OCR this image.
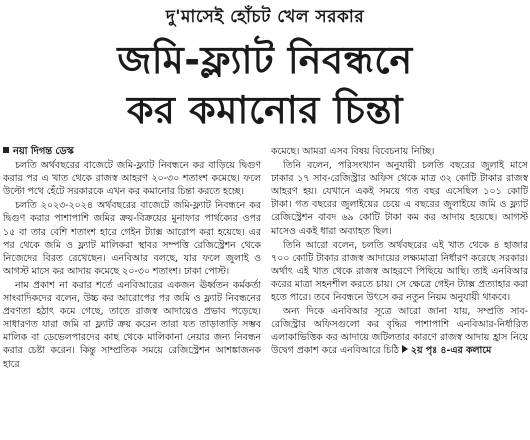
দু'মাসেই হোঁচট খেল সরকার
জমি-ফ্ল্যাট নিবন্ধনে
কর কমানোর চিন্তা

নয়া দিগন্ত ডেস্ক

চলতি অর্থবছরের বাজেটে জমি-ফ্ল্যাট নিবন্ধনে কর বাড়িয়ে দ্বিগুণ করার পর এ খাত থেকে রাজস্ব আহরণ ২০-৩০ শতাংশ কমেছে। ফলে উল্টো পথে হেঁটে সরকারকে এখন কর কমানোর চিন্তা করতে হচ্ছে।

চলতি ২০২৩-২০২৪ অর্থবছরের বাজেটে জমি-ফ্ল্যাট নিবন্ধনে কর দ্বিগুণ করার পাশাপাশি জমির ক্রয়-বিক্রয়ের মুনাফার পার্থক্যের ওপর ১৫ বা তার বেশি শতাংশ হারে গেইন ট্যাক্স আরোপ করা হয়েছে। এর পর থেকে জমি ও ফ্ল্যাট মালিকরা স্থাবর সম্পত্তি রেজিস্ট্রেশন থেকে নিজেদের বিরত রেখেছেন। এনবিআর বলছে, যার ফলে জুলাই ও আগস্ট মাসে কর আদায় কমেছে ২০-৩০ শতাংশ। ঢাকা পোস্ট।

নাম প্রকাশ না করার শর্তে এনবিআরের একজন ঊর্ধ্বতন কর্মকর্তা সাংবাদিকদের বলেন, উচ্চ কর আরোপের পর জমি ও ফ্ল্যাট নিবন্ধনের প্রবণতা হঠাৎ কমে গেছে, তাতে রাজস্ব আদায়েও প্রভাব পড়েছে। সাধারণত যারা জমি বা ফ্ল্যাট ক্রয় করেন তারা যত তাড়াতাড়ি সম্ভব মালিক বা ডেভেলপারদের কাছ থেকে মালিকানা নেয়ার জন্য নিবন্ধন করার চেষ্টা করেন। কিন্তু সাম্প্রতিক সময়ে রেজিস্ট্রেশন আশঙ্কাজনক হারে

কমেছে। আমরা এসব বিষয় বিবেচনায় নিচ্ছি।

তিনি বলেন, পরিসংখ্যান অনুযায়ী চলতি বছরের জুলাই মাসে ঢাকার ১৭ সাব-রেজিস্ট্রার অফিস থেকে মাত্র ৩২ কোটি টাকার রাজস্ব আহরণ হয়। যেখানে একই সময়ে গত বছর এসেছিল ১০১ কোটি টাকা। গত বছরের জুলাইয়ের চেয়ে এ বছরের জুলাইয়ে জমি ও ফ্ল্যাট রেজিস্ট্রেশন বাবদ ৬৯ কোটি টাকা কম কর আদায় হয়েছে। আগস্ট মাসেও একই ধারা অব্যাহত ছিল।

তিনি আরো বলেন, চলতি অর্থবছরের এই খাত থেকে ৪ হাজার ৭০০ কোটি টাকার রাজস্ব আদায়ের লক্ষ্যমাত্রা নির্ধারণ করেছে সরকার। অর্থাৎ এই খাত থেকে রাজস্ব আহরণে পিছিয়ে আছি। তাই এনবিআর করের মাত্রা সহনশীল করতে চায়। সে ক্ষেত্রে গেইন ট্যাক্স প্রত্যাহার করা হতে পারে। তবে নিবন্ধনে উৎসে কর নতুন নিয়ম অনুযায়ী থাকবে।

অন্য দিকে এনবিআর সূত্রে আরো জানা যায়, সম্প্রতি সাব-রেজিস্ট্রার অফিসগুলো কর বৃদ্ধির পাশাপাশি এনবিআর-নির্ধারিত এলাকাভিত্তিক কর আদায়ে জটিলতার কারণে রাজস্ব আদায় হ্রাস নিয়ে উদ্বেগ প্রকাশ করে এনবিআরে চিঠি ২য় পৃঃ ৪-এর কলামে
